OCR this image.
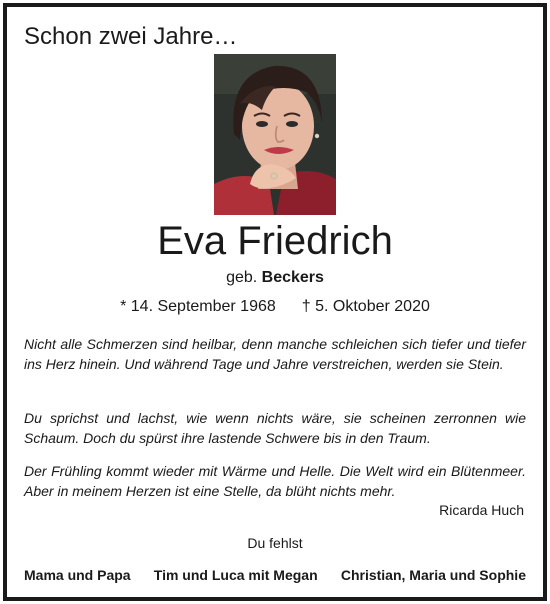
Schon zwei Jahre…
Eva Friedrich
geb. Beckers
* 14. September 1968 † 5. Oktober 2020

Nicht alle Schmerzen sind heilbar, denn manche schleichen sich tiefer und tiefer ins Herz hinein. Und während Tage und Jahre verstreichen, werden sie Stein.

Du sprichst und lachst, wie wenn nichts wäre, sie scheinen zerronnen wie Schaum. Doch du spürst ihre lastende Schwere bis in den Traum.

Der Frühling kommt wieder mit Wärme und Helle. Die Welt wird ein Blütenmeer. Aber in meinem Herzen ist eine Stelle, da blüht nichts mehr.

Ricarda Huch
Du fehlst
Mama und Papa Tim und Luca mit Megan Christian, Maria und Sophie
